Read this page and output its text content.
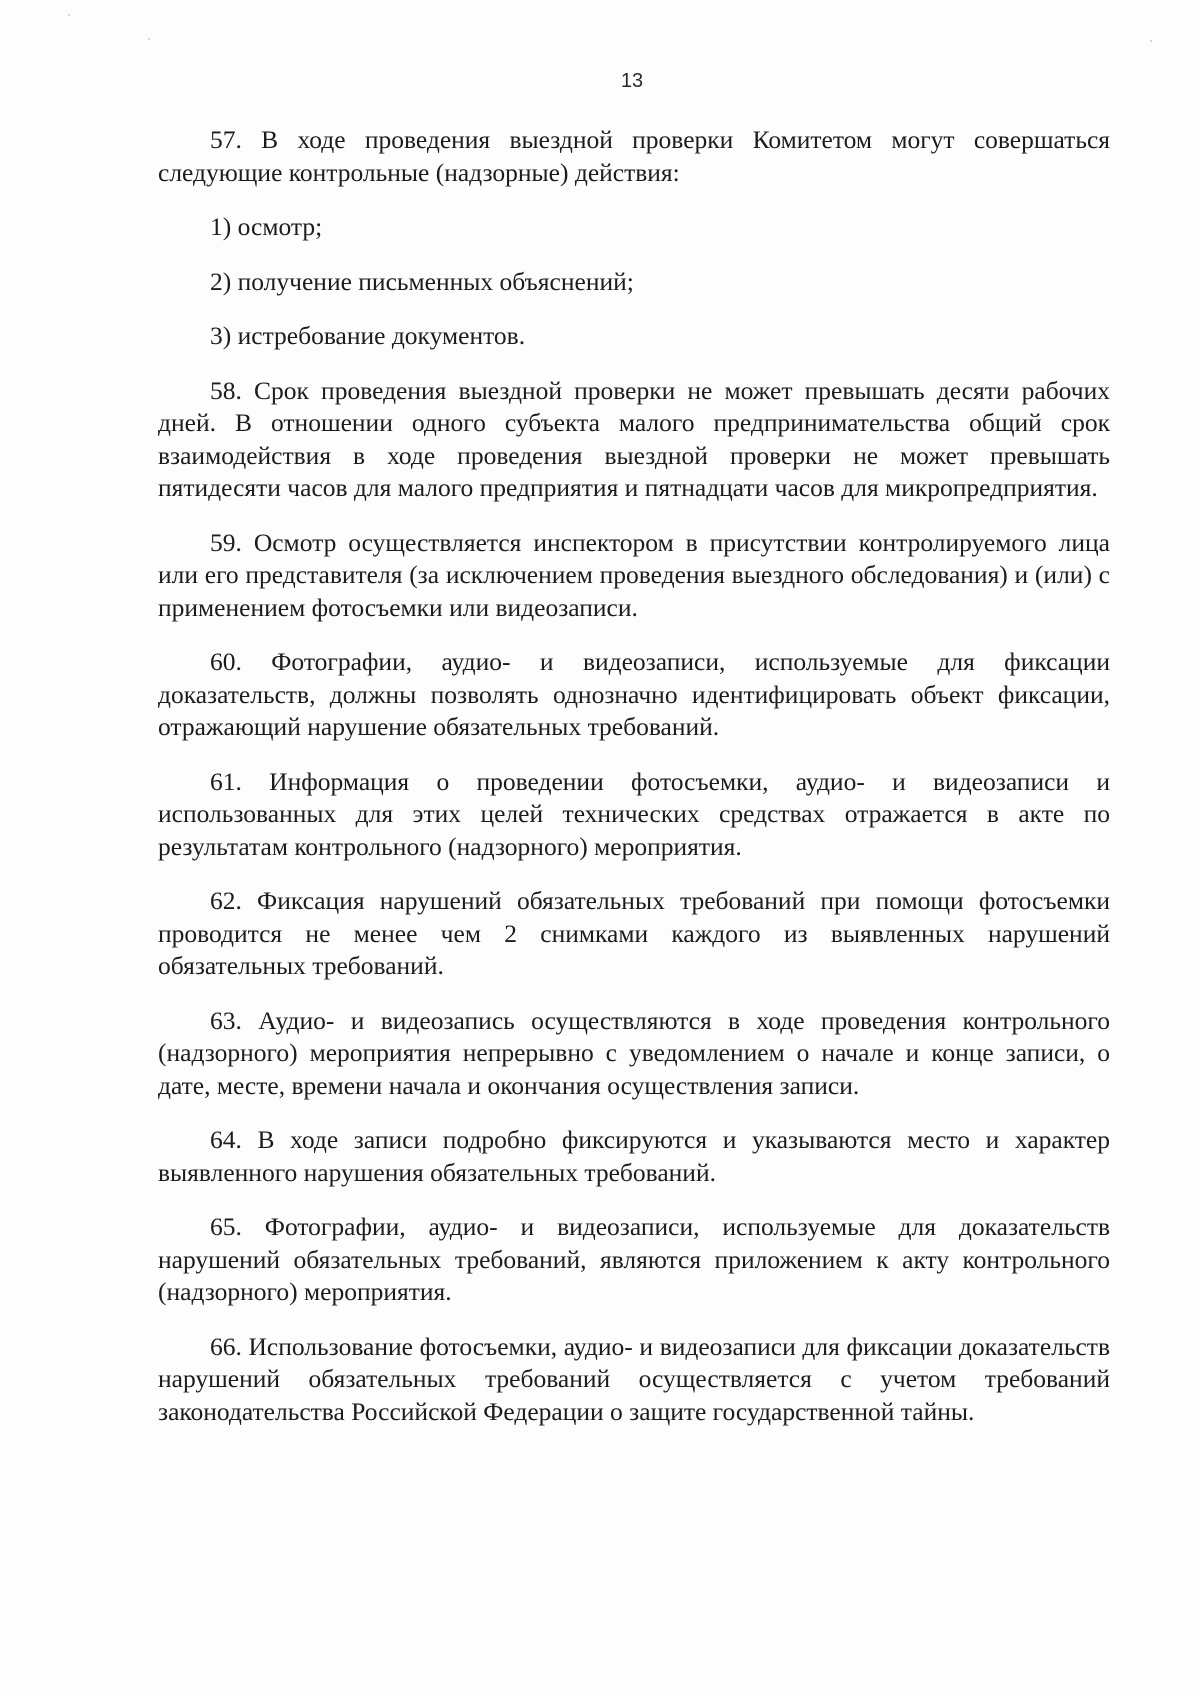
13

57. В ходе проведения выездной проверки Комитетом могут совершаться следующие контрольные (надзорные) действия:

1) осмотр;

2) получение письменных объяснений;

3) истребование документов.

58. Срок проведения выездной проверки не может превышать десяти рабочих дней. В отношении одного субъекта малого предпринимательства общий срок взаимодействия в ходе проведения выездной проверки не может превышать пятидесяти часов для малого предприятия и пятнадцати часов для микропредприятия.

59. Осмотр осуществляется инспектором в присутствии контролируемого лица или его представителя (за исключением проведения выездного обследования) и (или) с применением фотосъемки или видеозаписи.

60. Фотографии, аудио- и видеозаписи, используемые для фиксации доказательств, должны позволять однозначно идентифицировать объект фиксации, отражающий нарушение обязательных требований.

61. Информация о проведении фотосъемки, аудио- и видеозаписи и использованных для этих целей технических средствах отражается в акте по результатам контрольного (надзорного) мероприятия.

62. Фиксация нарушений обязательных требований при помощи фотосъемки проводится не менее чем 2 снимками каждого из выявленных нарушений обязательных требований.

63. Аудио- и видеозапись осуществляются в ходе проведения контрольного (надзорного) мероприятия непрерывно с уведомлением о начале и конце записи, о дате, месте, времени начала и окончания осуществления записи.

64. В ходе записи подробно фиксируются и указываются место и характер выявленного нарушения обязательных требований.

65. Фотографии, аудио- и видеозаписи, используемые для доказательств нарушений обязательных требований, являются приложением к акту контрольного (надзорного) мероприятия.

66. Использование фотосъемки, аудио- и видеозаписи для фиксации доказательств нарушений обязательных требований осуществляется с учетом требований законодательства Российской Федерации о защите государственной тайны.
